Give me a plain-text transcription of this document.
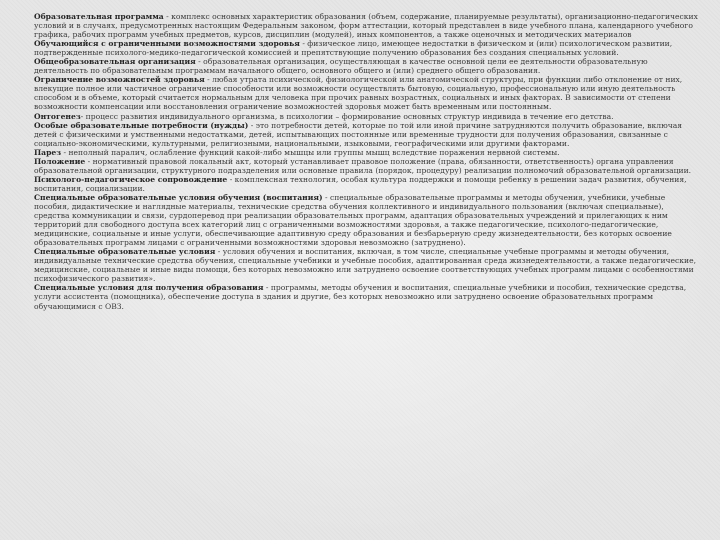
Образовательная программа - комплекс основных характеристик образования (объем, содержание, планируемые результаты), организационно-педагогических условий и в случаях, предусмотренных настоящим Федеральным законом, форм аттестации, который представлен в виде учебного плана, календарного учебного графика, рабочих программ учебных предметов, курсов, дисциплин (модулей), иных компонентов, а также оценочных и методических материалов

Обучающийся с ограниченными возможностями здоровья - физическое лицо, имеющее недостатки в физическом и (или) психологическом развитии, подтвержденные психолого-медико-педагогической комиссией и препятствующие получению образования без создания специальных условий.

Общеобразовательная организация - образовательная организация, осуществляющая в качестве основной цели ее деятельности образовательную деятельность по образовательным программам начального общего, основного общего и (или) среднего общего образования.

Ограничение возможностей здоровья - любая утрата психической, физиологической или анатомической структуры, при функции либо отклонение от них, влекущие полное или частичное ограничение способности или возможности осуществлять бытовую, социальную, профессиональную или иную деятельность способом и в объеме, который считается нормальным для человека при прочих равных возрастных, социальных и иных факторах. В зависимости от степени возможности компенсации или восстановления ограничение возможностей здоровья может быть временным или постоянным.

Онтогенез- процесс развития индивидуального организма, в психологии – формирование основных структур индивида в течение его детства.

Особые образовательные потребности (нужды) - это потребности детей, которые по той или иной причине затрудняются получить образование, включая детей с физическими и умственными недостатками, детей, испытывающих постоянные или временные трудности для получения образования, связанные с социально-экономическими, культурными, религиозными, национальными, языковыми, географическими или другими факторами.

Парез - неполный паралич, ослабление функций какой-либо мышцы или группы мышц вследствие поражения нервной системы.

Положение - нормативный правовой локальный акт, который устанавливает правовое положение (права, обязанности, ответственность) органа управления образовательной организации, структурного подразделения или основные правила (порядок, процедуру) реализации полномочий образовательной организации.

Психолого-педагогическое сопровождение - комплексная технология, особая культура поддержки и помощи ребенку в решении задач развития, обучения, воспитания, социализации.

Специальные образовательные условия обучения (воспитания) - специальные образовательные программы и методы обучения, учебники, учебные пособия, дидактические и наглядные материалы, технические средства обучения коллективного и индивидуального пользования (включая специальные), средства коммуникации и связи, сурдоперевод при реализации образовательных программ, адаптация образовательных учреждений и прилегающих к ним территорий для свободного доступа всех категорий лиц с ограниченными возможностями здоровья, а также педагогические, психолого-педагогические, медицинские, социальные и иные услуги, обеспечивающие адаптивную среду образования и безбарьерную среду жизнедеятельности, без которых освоение образовательных программ лицами с ограниченными возможностями здоровья невозможно (затруднено).

Специальные образовательные условия - условия обучения и воспитания, включая, в том числе, специальные учебные программы и методы обучения, индивидуальные технические средства обучения, специальные учебники и учебные пособия, адаптированная среда жизнедеятельности, а также педагогические, медицинские, социальные и иные виды помощи, без которых невозможно или затруднено освоение соответствующих учебных программ лицами с особенностями психофизического развития».

Специальные условия для получения образования - программы, методы обучения и воспитания, специальные учебники и пособия, технические средства, услуги ассистента (помощника), обеспечение доступа в здания и другие, без которых невозможно или затруднено освоение образовательных программ обучающимися с ОВЗ.
